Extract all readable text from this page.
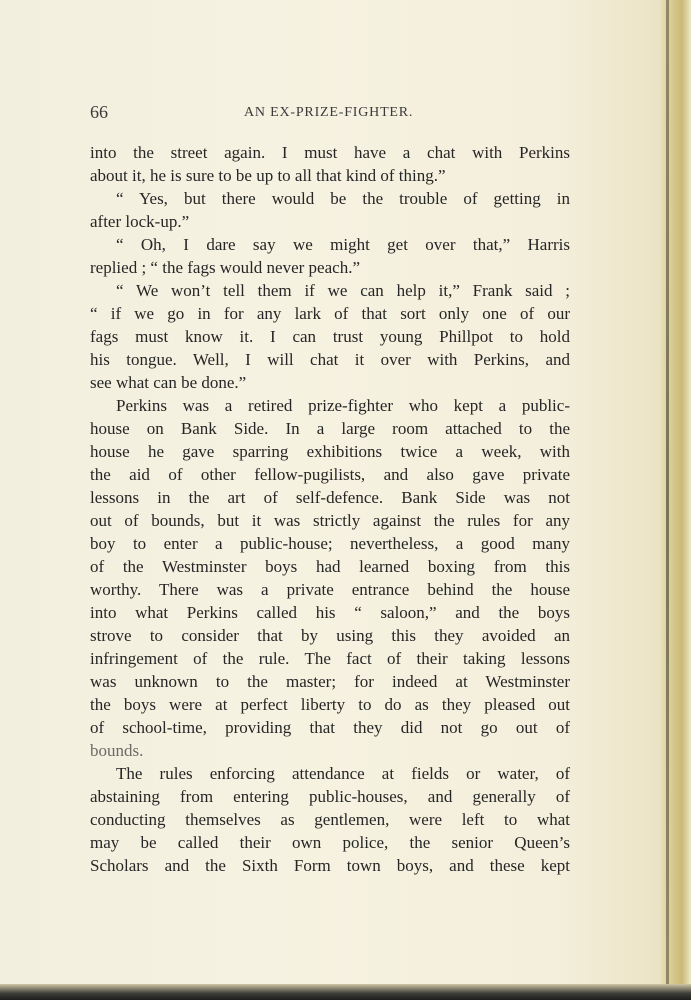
66	AN EX-PRIZE-FIGHTER.
into the street again. I must have a chat with Perkins
about it, he is sure to be up to all that kind of thing.”
“ Yes, but there would be the trouble of getting in
after lock-up.”
“ Oh, I dare say we might get over that,” Harris
replied ; “ the fags would never peach.”
“ We won’t tell them if we can help it,” Frank said ;
“ if we go in for any lark of that sort only one of our
fags must know it. I can trust young Phillpot to hold
his tongue. Well, I will chat it over with Perkins, and
see what can be done.”
Perkins was a retired prize-fighter who kept a public-
house on Bank Side. In a large room attached to the
house he gave sparring exhibitions twice a week, with
the aid of other fellow-pugilists, and also gave private
lessons in the art of self-defence. Bank Side was not
out of bounds, but it was strictly against the rules for any
boy to enter a public-house; nevertheless, a good many
of the Westminster boys had learned boxing from this
worthy. There was a private entrance behind the house
into what Perkins called his “ saloon,” and the boys
strove to consider that by using this they avoided an
infringement of the rule. The fact of their taking lessons
was unknown to the master; for indeed at Westminster
the boys were at perfect liberty to do as they pleased out
of school-time, providing that they did not go out of
bounds.
The rules enforcing attendance at fields or water, of
abstaining from entering public-houses, and generally of
conducting themselves as gentlemen, were left to what
may be called their own police, the senior Queen’s
Scholars and the Sixth Form town boys, and these kept
